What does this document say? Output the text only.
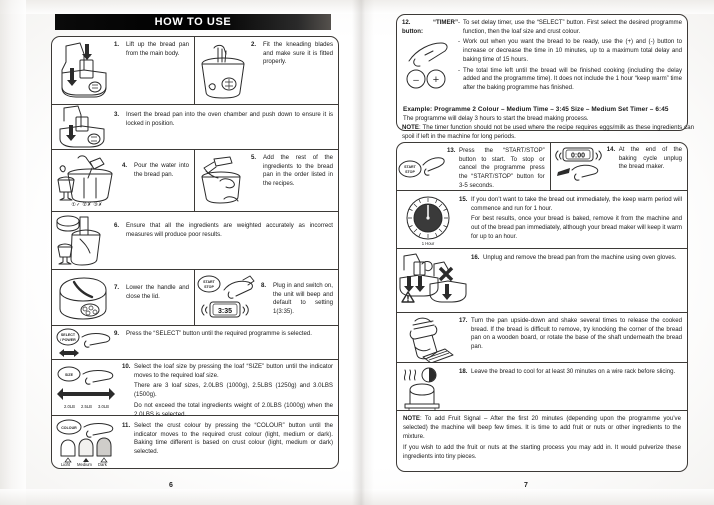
HOW TO USE
1.	Lift up the bread pan from the main body.
2.	Fit the kneading blades and make sure it is fitted properly.
3.	Insert the bread pan into the oven chamber and push down to ensure it is locked in position.
①✓ ②✗ ③✗
4.	Pour the water into the bread pan.
5.	Add the rest of the ingredients to the bread pan in the order listed in the recipes.
6.	Ensure that all the ingredients are weighted accurately as incorrect measures will produce poor results.
7.	Lower the handle and close the lid.
START
STOP
3:35
8.	Plug in and switch on, the unit will beep and default to setting 1(3:35).
SELECT
/ POWER
9.	Press the “SELECT” button until the required programme is selected.
SIZE
2.0LB 2.5LB 3.0LB
10. Select the loaf size by pressing the loaf “SIZE” button until the indicator moves to the required loaf size.
There are 3 loaf sizes, 2.0LBS (1000g), 2.5LBS (1250g) and 3.0LBS (1500g).
Do not exceed the total ingredients weight of 2.0LBS (1000g) when the 2.0LBS is selected.
COLOUR
Light Medium Dark
11. Select the crust colour by pressing the “COLOUR” button until the indicator moves to the required crust colour (light, medium or dark). Baking time different is based on crust colour (light, medium or dark) selected.
6
12.	“TIMER” button:
- To set delay timer, use the “SELECT” button. First select the desired programme function, then the loaf size and crust colour.
- Work out when you want the bread to be ready, use the (+) and (-) button to increase or decrease the time in 10 minutes, up to a maximum total delay and baking time of 15 hours.
- The total time left until the bread will be finished cooking (including the delay added and the programme time). It does not include the 1 hour “keep warm” time after the baking programme has finished.
– +
Example: Programme 2 Colour – Medium Time – 3:45 Size – Medium Set Timer – 6:45
The programme will delay 3 hours to start the bread making process.
NOTE: The timer function should not be used where the recipe requires eggs/milk as these ingredients can spoil if left in the machine for long periods.
START
STOP
13. Press the “START/STOP” button to start. To stop or cancel the programme press the “START/STOP” button for 3-5 seconds.
0:00
14. At the end of the baking cycle unplug the bread maker.
1 Hour
15. If you don’t want to take the bread out immediately, the keep warm period will commence and run for 1 hour.
For best results, once your bread is baked, remove it from the machine and out of the bread pan immediately, although your bread maker will keep it warm for up to an hour.
16. Unplug and remove the bread pan from the machine using oven gloves.
17. Turn the pan upside-down and shake several times to release the cooked bread. If the bread is difficult to remove, try knocking the corner of the bread pan on a wooden board, or rotate the base of the shaft underneath the bread pan.
18. Leave the bread to cool for at least 30 minutes on a wire rack before slicing.
NOTE: To add Fruit Signal – After the first 20 minutes (depending upon the programme you’ve selected) the machine will beep few times. It is time to add fruit or nuts or other ingredients to the mixture.
If you wish to add the fruit or nuts at the starting process you may add in. It would pulverize these ingredients into tiny pieces.
7
